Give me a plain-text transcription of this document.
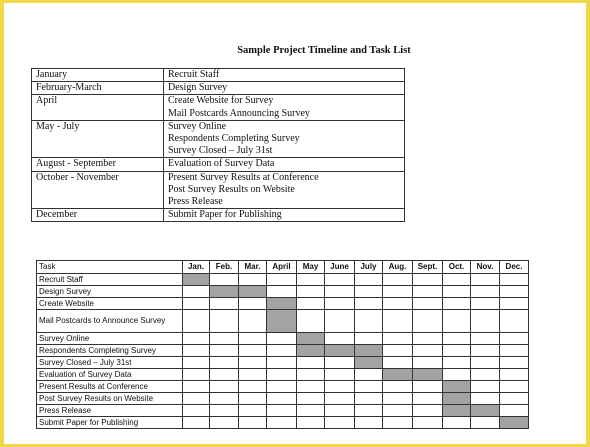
Sample Project Timeline and Task List
January	Recruit Staff

February-March	Design Survey

April	Create Website for Survey
Mail Postcards Announcing Survey

May - July	Survey Online
Respondents Completing Survey
Survey Closed – July 31st

August - September	Evaluation of Survey Data

October - November	Present Survey Results at Conference
Post Survey Results on Website
Press Release

December	Submit Paper for Publishing
Task	Jan.	Feb.	Mar.	April	May	June	July	Aug.	Sept.	Oct.	Nov.	Dec.
Recruit Staff												
Design Survey												
Create Website												
Mail Postcards to Announce Survey												
Survey Online												
Respondents Completing Survey												
Survey Closed – July 31st												
Evaluation of Survey Data												
Present Results at Conference												
Post Survey Results on Website												
Press Release												
Submit Paper for Publishing												
